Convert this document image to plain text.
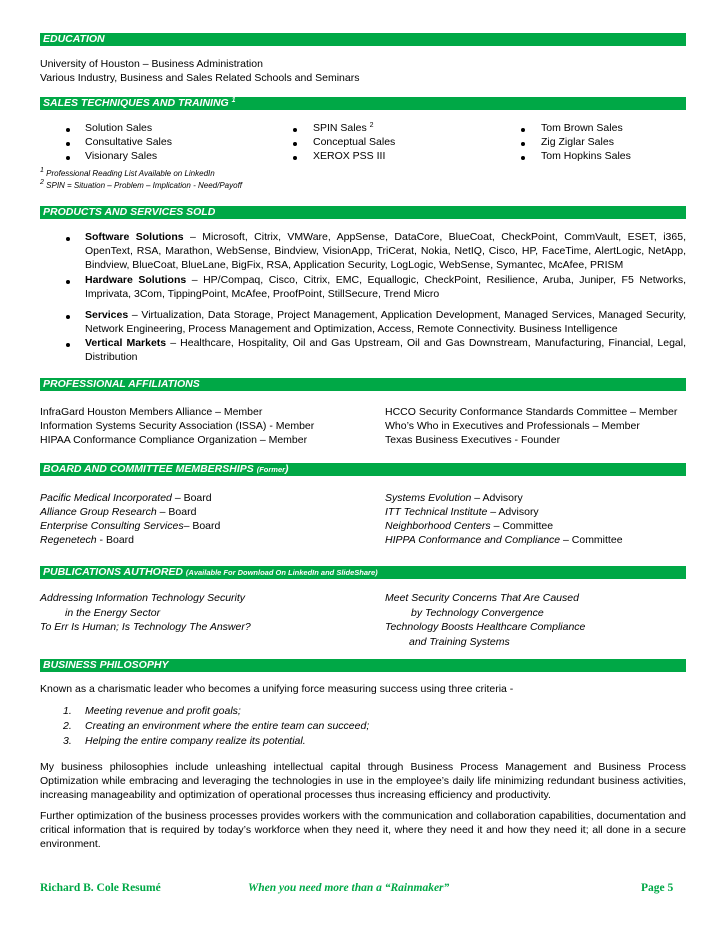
EDUCATION
University of Houston – Business Administration
Various Industry, Business and Sales Related Schools and Seminars
SALES TECHNIQUES AND TRAINING $^1$
Solution Sales
Consultative Sales
Visionary Sales
SPIN Sales $^2$
Conceptual Sales
XEROX PSS III
Tom Brown Sales
Zig Ziglar Sales
Tom Hopkins Sales
$^1$ Professional Reading List Available on LinkedIn
$^2$ SPIN = Situation – Problem – Implication - Need/Payoff
PRODUCTS AND SERVICES SOLD
Software Solutions – Microsoft, Citrix, VMWare, AppSense, DataCore, BlueCoat, CheckPoint, CommVault, ESET, i365, OpenText, RSA, Marathon, WebSense, Bindview, VisionApp, TriCerat, Nokia, NetIQ, Cisco, HP, FaceTime, AlertLogic, NetApp, Bindview, BlueCoat, BlueLane, BigFix, RSA, Application Security, LogLogic, WebSense, Symantec, McAfee, PRISM
Hardware Solutions – HP/Compaq, Cisco, Citrix, EMC, Equallogic, CheckPoint, Resilience, Aruba, Juniper, F5 Networks, Imprivata, 3Com, TippingPoint, McAfee, ProofPoint, StillSecure, Trend Micro
Services – Virtualization, Data Storage, Project Management, Application Development, Managed Services, Managed Security, Network Engineering, Process Management and Optimization, Access, Remote Connectivity. Business Intelligence
Vertical Markets – Healthcare, Hospitality, Oil and Gas Upstream, Oil and Gas Downstream, Manufacturing, Financial, Legal, Distribution
PROFESSIONAL AFFILIATIONS
InfraGard Houston Members Alliance – Member
Information Systems Security Association (ISSA) - Member
HIPAA Conformance Compliance Organization – Member
HCCO Security Conformance Standards Committee – Member
Who’s Who in Executives and Professionals – Member
Texas Business Executives - Founder
BOARD AND COMMITTEE MEMBERSHIPS (Former)
Pacific Medical Incorporated – Board
Alliance Group Research – Board
Enterprise Consulting Services– Board
Regenetech - Board
Systems Evolution – Advisory
ITT Technical Institute – Advisory
Neighborhood Centers – Committee
HIPPA Conformance and Compliance – Committee
PUBLICATIONS AUTHORED (Available For Download On LinkedIn and SlideShare)
Addressing Information Technology Security
in the Energy Sector
To Err Is Human; Is Technology The Answer?
Meet Security Concerns That Are Caused
by Technology Convergence
Technology Boosts Healthcare Compliance
and Training Systems
BUSINESS PHILOSOPHY
Known as a charismatic leader who becomes a unifying force measuring success using three criteria -
1. Meeting revenue and profit goals;
2. Creating an environment where the entire team can succeed;
3. Helping the entire company realize its potential.
My business philosophies include unleashing intellectual capital through Business Process Management and Business Process Optimization while embracing and leveraging the technologies in use in the employee’s daily life minimizing redundant business activities, increasing manageability and optimization of operational processes thus increasing efficiency and productivity.
Further optimization of the business processes provides workers with the communication and collaboration capabilities, documentation and critical information that is required by today’s workforce when they need it, where they need it and how they need it; all done in a secure environment.
Richard B. Cole Resumé	When you need more than a “Rainmaker”	Page 5
